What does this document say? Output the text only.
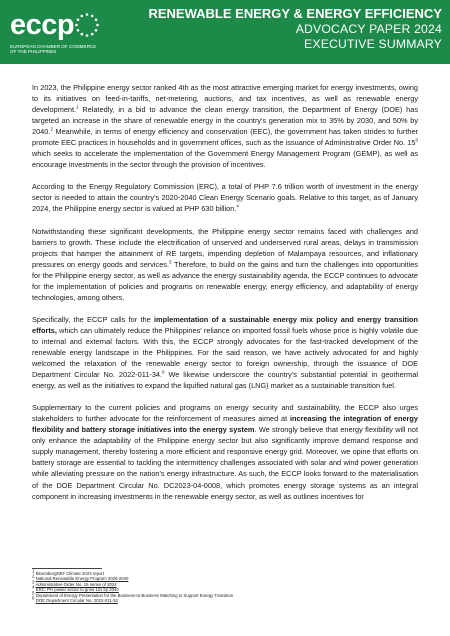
eccp
EUROPEAN CHAMBER OF COMMERCE
OF THE PHILIPPINES
RENEWABLE ENERGY & ENERGY EFFICIENCY
ADVOCACY PAPER 2024
EXECUTIVE SUMMARY

In 2023, the Philippine energy sector ranked 4th as the most attractive emerging market for energy investments, owing to its initiatives on feed-in-tariffs, net-metering, auctions, and tax incentives, as well as renewable energy development.$^1$ Relatedly, in a bid to advance the clean energy transition, the Department of Energy (DOE) has targeted an increase in the share of renewable energy in the country's generation mix to 35% by 2030, and 50% by 2040.$^2$ Meanwhile, in terms of energy efficiency and conservation (EEC), the government has taken strides to further promote EEC practices in households and in government offices, such as the issuance of Administrative Order No. $15^3$ which seeks to accelerate the implementation of the Government Energy Management Program (GEMP), as well as encourage investments in the sector through the provision of incentives.

According to the Energy Regulatory Commission (ERC), a total of PHP 7.6 trillion worth of investment in the energy sector is needed to attain the country's 2020-2040 Clean Energy Scenario goals. Relative to this target, as of January 2024, the Philippine energy sector is valued at PHP 630 billion.$^4$

Notwithstanding these significant developments, the Philippine energy sector remains faced with challenges and barriers to growth. These include the electrification of unserved and underserved rural areas, delays in transmission projects that hamper the attainment of RE targets, impending depletion of Malampaya resources, and inflationary pressures on energy goods and services.$^5$ Therefore, to build on the gains and turn the challenges into opportunities for the Philippine energy sector, as well as advance the energy sustainability agenda, the ECCP continues to advocate for the implementation of policies and programs on renewable energy, energy efficiency, and adaptability of energy technologies, among others.

Specifically, the ECCP calls for the implementation of a sustainable energy mix policy and energy transition efforts, which can ultimately reduce the Philippines' reliance on imported fossil fuels whose price is highly volatile due to internal and external factors. With this, the ECCP strongly advocates for the fast-tracked development of the renewable energy landscape in the Philippines. For the said reason, we have actively advocated for and highly welcomed the relaxation of the renewable energy sector to foreign ownership, through the issuance of DOE Department Circular No. 2022-011-34.$^6$ We likewise underscore the country's substantial potential in geothermal energy, as well as the initiatives to expand the liquified natural gas (LNG) market as a sustainable transition fuel.

Supplementary to the current policies and programs on energy security and sustainability, the ECCP also urges stakeholders to further advocate for the reinforcement of measures aimed at increasing the integration of energy flexibility and battery storage initiatives into the energy system. We strongly believe that energy flexibility will not only enhance the adaptability of the Philippine energy sector but also significantly improve demand response and supply management, thereby fostering a more efficient and responsive energy grid. Moreover, we opine that efforts on battery storage are essential to tackling the intermittency challenges associated with solar and wind power generation while alleviating pressure on the nation's energy infrastructure. As such, the ECCP looks forward to the materialisation of the DOE Department Circular No. DC2023-04-0008, which promotes energy storage systems as an integral component in increasing investments in the renewable energy sector, as well as outlines incentives for

$^1$ BloombergNEF Climate 2023 report
$^2$ National Renewable Energy Program 2020-2040
$^3$ Administrative Order No. 15 series of 2024
$^4$ ERC: PH power sector to grow 12x by 2040
$^5$ Department of Energy Presentation for the Business-to-Business Matching to Support Energy Transition
$^6$ DOE Department Circular No. 2022-011-34
